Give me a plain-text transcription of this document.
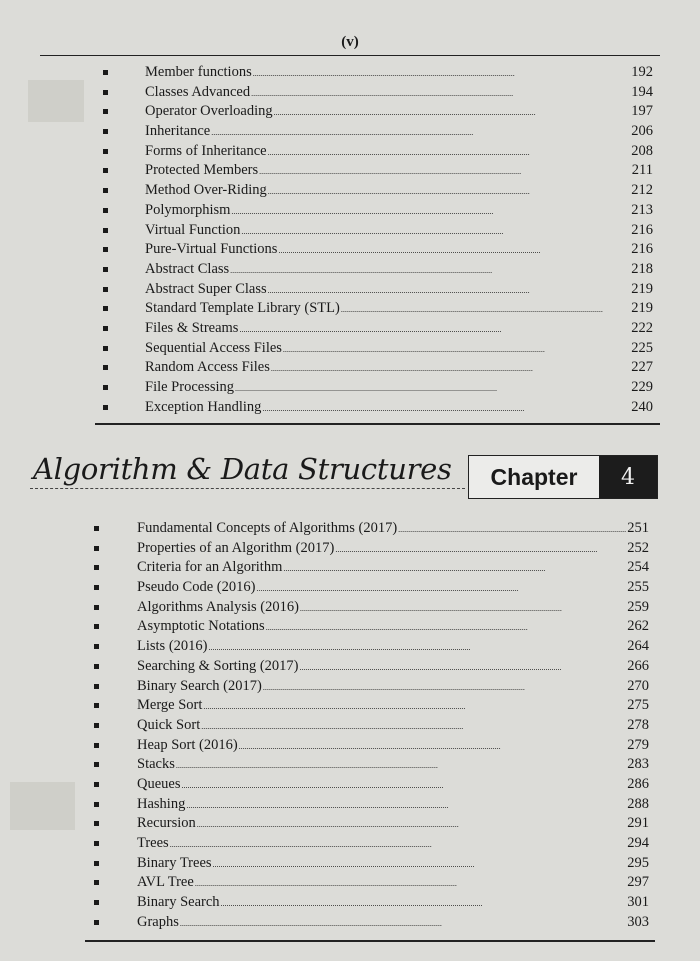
(v)
Member functions . . .	192
Classes Advanced . . .	194
Operator Overloading . . .	197
Inheritance . . .	206
Forms of Inheritance . . .	208
Protected Members . . .	211
Method Over-Riding . . .	212
Polymorphism . . .	213
Virtual Function . . .	216
Pure-Virtual Functions . . .	216
Abstract Class . . .	218
Abstract Super Class . . .	219
Standard Template Library (STL) . . .	219
Files & Streams . . .	222
Sequential Access Files . . .	225
Random Access Files . . .	227
File Processing . . .	229
Exception Handling . . .	240
Algorithm & Data Structures	Chapter	4
Fundamental Concepts of Algorithms (2017) . . .	251
Properties of an Algorithm (2017) . . .	252
Criteria for an Algorithm . . .	254
Pseudo Code (2016) . . .	255
Algorithms Analysis (2016) . . .	259
Asymptotic Notations . . .	262
Lists (2016) . . .	264
Searching & Sorting (2017) . . .	266
Binary Search (2017) . . .	270
Merge Sort . . .	275
Quick Sort . . .	278
Heap Sort (2016) . . .	279
Stacks . . .	283
Queues . . .	286
Hashing . . .	288
Recursion . . .	291
Trees . . .	294
Binary Trees . . .	295
AVL Tree . . .	297
Binary Search . . .	301
Graphs . . .	303
